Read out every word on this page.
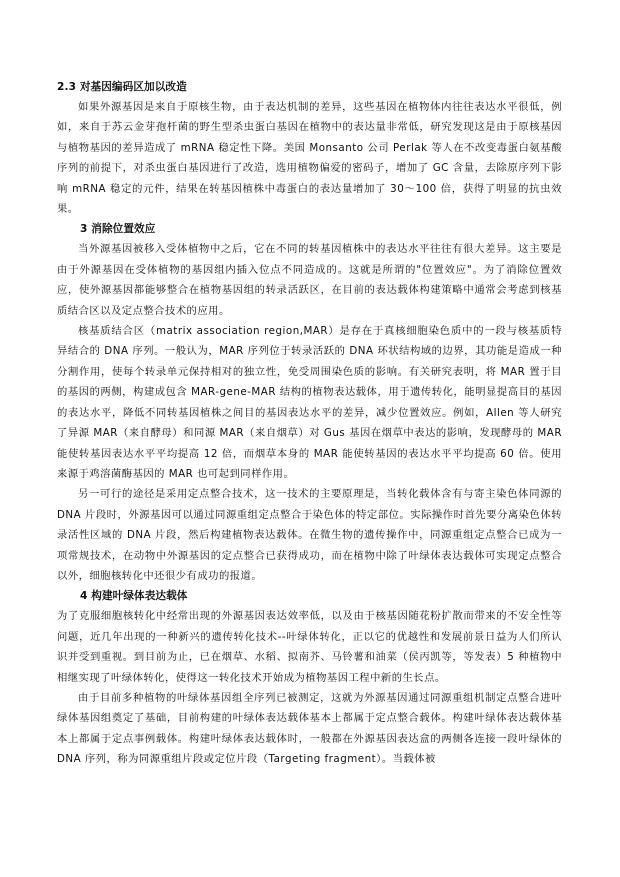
2.3 对基因编码区加以改造

如果外源基因是来自于原核生物，由于表达机制的差异，这些基因在植物体内往往表达水平很低，例如，来自于苏云金芽孢杆菌的野生型杀虫蛋白基因在植物中的表达量非常低，研究发现这是由于原核基因与植物基因的差异造成了 mRNA 稳定性下降。美国 Monsanto 公司 Perlak 等人在不改变毒蛋白氨基酸序列的前提下，对杀虫蛋白基因进行了改造，选用植物偏爱的密码子，增加了 GC 含量，去除原序列下影响 mRNA 稳定的元件，结果在转基因植株中毒蛋白的表达量增加了 30～100 倍，获得了明显的抗虫效果。

3 消除位置效应

当外源基因被移入受体植物中之后，它在不同的转基因植株中的表达水平往往有很大差异。这主要是由于外源基因在受体植物的基因组内插入位点不同造成的。这就是所谓的"位置效应"。为了消除位置效应，使外源基因都能够整合在植物基因组的转录活跃区，在目前的表达载体构建策略中通常会考虑到核基质结合区以及定点整合技术的应用。

核基质结合区（matrix association region,MAR）是存在于真核细胞染色质中的一段与核基质特异结合的 DNA 序列。一般认为，MAR 序列位于转录活跃的 DNA 环状结构域的边界，其功能是造成一种分割作用，使每个转录单元保持相对的独立性，免受周围染色质的影响。有关研究表明，将 MAR 置于目的基因的两侧，构建成包含 MAR-gene-MAR 结构的植物表达载体，用于遗传转化，能明显提高目的基因的表达水平，降低不同转基因植株之间目的基因表达水平的差异，减少位置效应。例如，Allen 等人研究了异源 MAR（来自酵母）和同源 MAR（来自烟草）对 Gus 基因在烟草中表达的影响，发现酵母的 MAR 能使转基因表达水平平均提高 12 倍，而烟草本身的 MAR 能使转基因的表达水平平均提高 60 倍。使用来源于鸡溶菌酶基因的 MAR 也可起到同样作用。

另一可行的途径是采用定点整合技术，这一技术的主要原理是，当转化载体含有与寄主染色体同源的 DNA 片段时，外源基因可以通过同源重组定点整合于染色体的特定部位。实际操作时首先要分离染色体转录活性区域的 DNA 片段，然后构建植物表达载体。在微生物的遗传操作中，同源重组定点整合已成为一项常规技术，在动物中外源基因的定点整合已获得成功，而在植物中除了叶绿体表达载体可实现定点整合以外，细胞核转化中还很少有成功的报道。

4 构建叶绿体表达载体

为了克服细胞核转化中经常出现的外源基因表达效率低，以及由于核基因随花粉扩散而带来的不安全性等问题，近几年出现的一种新兴的遗传转化技术--叶绿体转化，正以它的优越性和发展前景日益为人们所认识并受到重视。到目前为止，已在烟草、水稻、拟南芥、马铃薯和油菜（侯丙凯等，等发表）5 种植物中相继实现了叶绿体转化，使得这一转化技术开始成为植物基因工程中新的生长点。

由于目前多种植物的叶绿体基因组全序列已被测定，这就为外源基因通过同源重组机制定点整合进叶绿体基因组奠定了基础，目前构建的叶绿体表达载体基本上都属于定点整合载体。构建叶绿体表达载体基本上都属于定点事例载体。构建叶绿体表达载体时，一般都在外源基因表达盒的两侧各连接一段叶绿体的 DNA 序列，称为同源重组片段或定位片段（Targeting fragment）。当载体被
